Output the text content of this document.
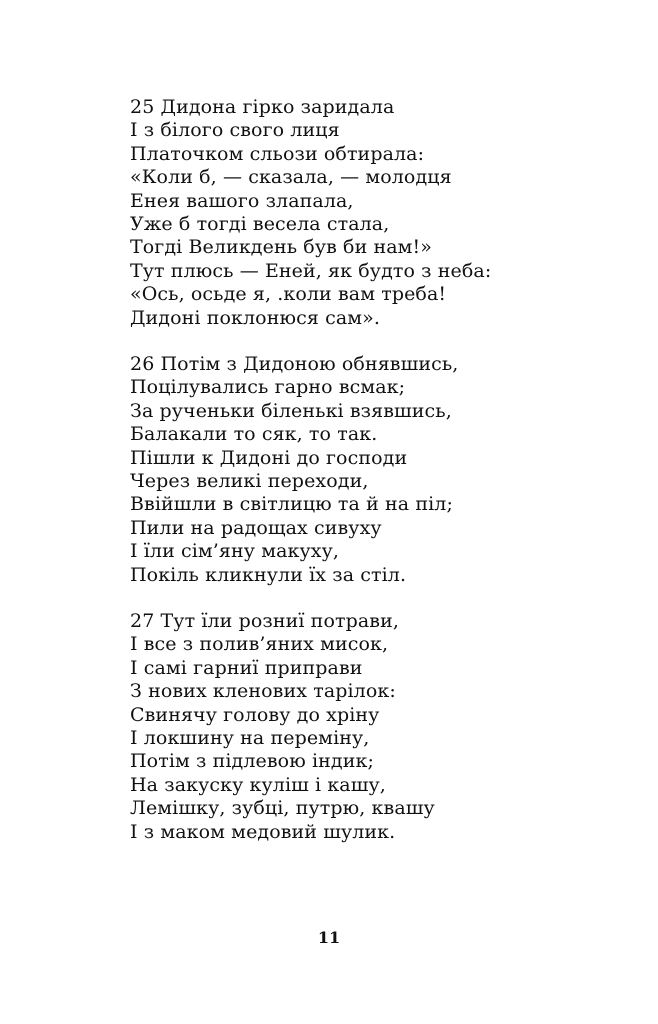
25 Дидона гірко зaридала
І з білого свого лиця
Платочком сльози обтирала:
«Коли б, — сказала, — молодця
Енея вашого злапала,
Уже б тогді весела стала,
Тогді Великдень був би нам!»
Тут плюсь — Еней, як будто з неба:
«Ось, осьде я, .коли вам треба!
Дидоні поклонюся сам».
26 Потім з Дидоною обнявшись,
Поцілувались гарно всмак;
За рученьки біленькі взявшись,
Балакали то сяк, то так.
Пішли к Дидоні до господи
Через великі переходи,
Ввійшли в світлицю та й на піл;
Пили на радощах сивуху
І їли сім’яну макуху,
Покіль кликнули їх за стіл.
27 Тут їли розниї потрави,
І все з полив’яних мисок,
І самі гарниї приправи
З нових кленових тарілок:
Свинячу голову до хріну
І локшину на переміну,
Потім з підлевою індик;
На закуску куліш і кашу,
Лемішку, зубці, путрю, квашу
І з маком медовий шулик.
11
